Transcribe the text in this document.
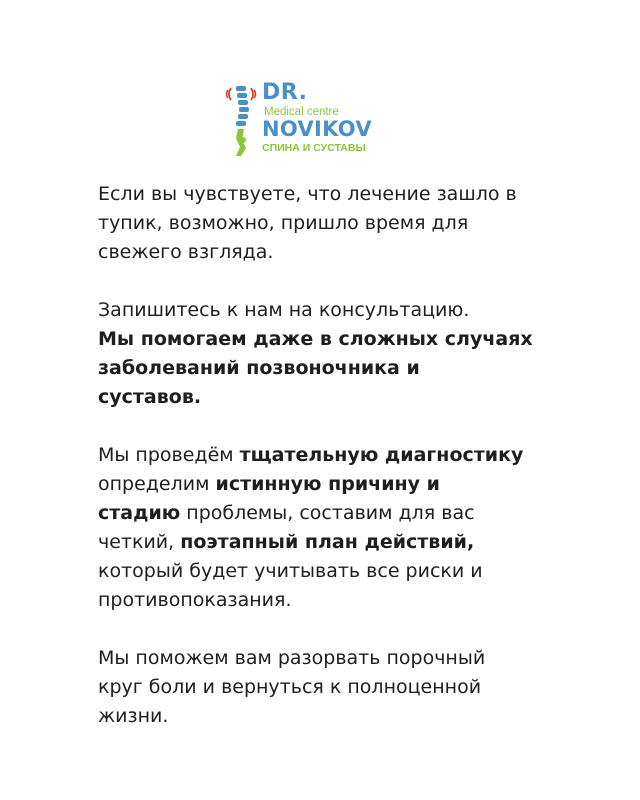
DR.
Medical centre
NOVIKOV
СПИНА И СУСТАВЫ

Если вы чувствуете, что лечение зашло в
тупик, возможно, пришло время для
свежего взгляда.

Запишитесь к нам на консультацию.
Мы помогаем даже в сложных случаях
заболеваний позвоночника и
суставов.

Мы проведём тщательную диагностику
определим истинную причину и
стадию проблемы, составим для вас
четкий, поэтапный план действий,
который будет учитывать все риски и
противопоказания.

Мы поможем вам разорвать порочный
круг боли и вернуться к полноценной
жизни.
